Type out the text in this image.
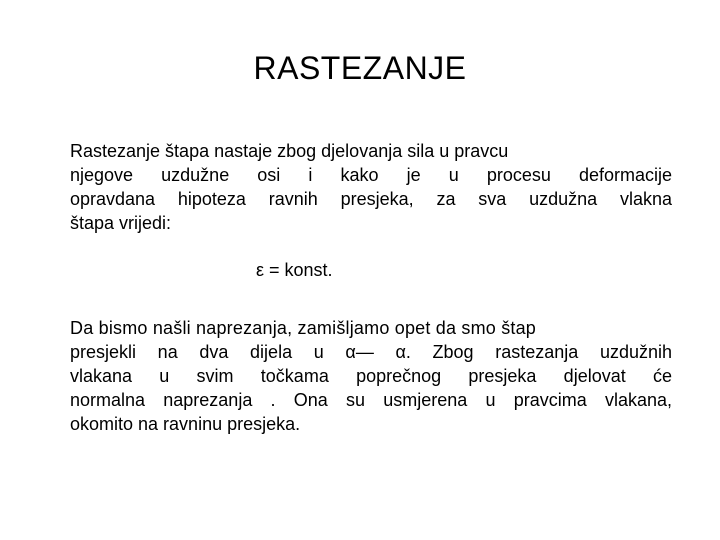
RASTEZANJE
Rastezanje štapa nastaje zbog djelovanja sila u pravcu
njegove uzdužne osi i kako je u procesu deformacije
opravdana hipoteza ravnih presjeka, za sva uzdužna vlakna
štapa vrijedi:
ε = konst.
Da bismo našli naprezanja, zamišljamo opet da smo štap
presjekli na dva dijela u α— α. Zbog rastezanja uzdužnih
vlakana u svim točkama poprečnog presjeka djelovat će
normalna naprezanja . Ona su usmjerena u pravcima vlakana,
okomito na ravninu presjeka.
